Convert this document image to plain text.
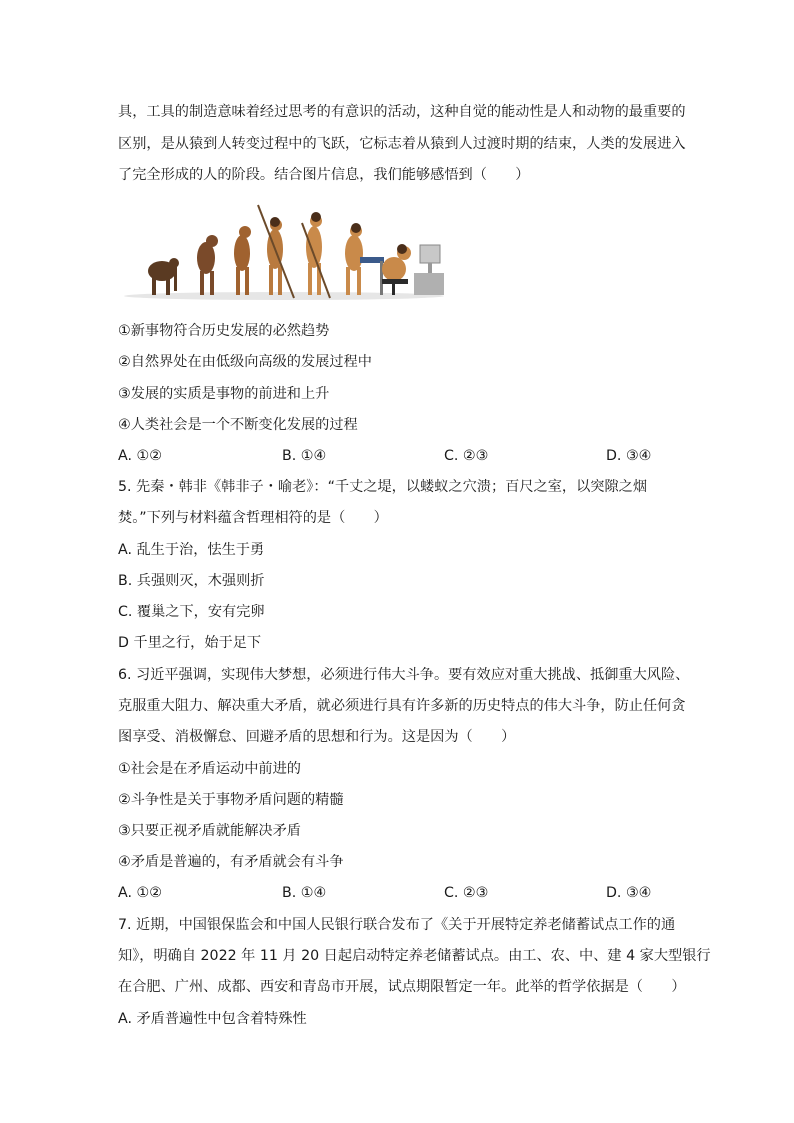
具，工具的制造意味着经过思考的有意识的活动，这种自觉的能动性是人和动物的最重要的
区别，是从猿到人转变过程中的飞跃，它标志着从猿到人过渡时期的结束，人类的发展进入
了完全形成的人的阶段。结合图片信息，我们能够感悟到（　　）
①新事物符合历史发展的必然趋势
②自然界处在由低级向高级的发展过程中
③发展的实质是事物的前进和上升
④人类社会是一个不断变化发展的过程
A. ①②	B. ①④	C. ②③	D. ③④
5. 先秦・韩非《韩非子・喻老》：“千丈之堤，以蝼蚁之穴溃；百尺之室，以突隙之烟
焚。”下列与材料蕴含哲理相符的是（　　）
A. 乱生于治，怯生于勇
B. 兵强则灭，木强则折
C. 覆巢之下，安有完卵
D 千里之行，始于足下
6. 习近平强调，实现伟大梦想，必须进行伟大斗争。要有效应对重大挑战、抵御重大风险、
克服重大阻力、解决重大矛盾，就必须进行具有许多新的历史特点的伟大斗争，防止任何贪
图享受、消极懈怠、回避矛盾的思想和行为。这是因为（　　）
①社会是在矛盾运动中前进的
②斗争性是关于事物矛盾问题的精髓
③只要正视矛盾就能解决矛盾
④矛盾是普遍的，有矛盾就会有斗争
A. ①②	B. ①④	C. ②③	D. ③④
7. 近期，中国银保监会和中国人民银行联合发布了《关于开展特定养老储蓄试点工作的通
知》，明确自 2022 年 11 月 20 日起启动特定养老储蓄试点。由工、农、中、建 4 家大型银行
在合肥、广州、成都、西安和青岛市开展，试点期限暂定一年。此举的哲学依据是（　　）
A. 矛盾普遍性中包含着特殊性
